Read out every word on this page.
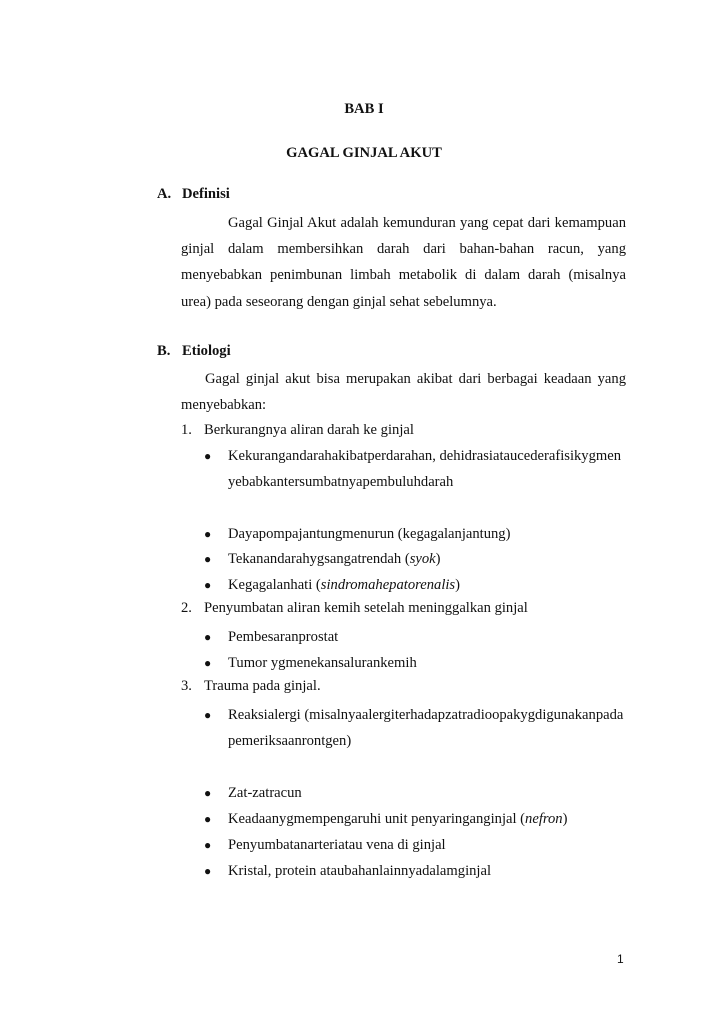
BAB I

GAGAL GINJAL AKUT

A. Definisi

Gagal Ginjal Akut adalah kemunduran yang cepat dari kemampuan ginjal dalam membersihkan darah dari bahan-bahan racun, yang menyebabkan penimbunan limbah metabolik di dalam darah (misalnya urea) pada seseorang dengan ginjal sehat sebelumnya.

B. Etiologi

Gagal ginjal akut bisa merupakan akibat dari berbagai keadaan yang menyebabkan:

1. Berkurangnya aliran darah ke ginjal

● Kekurangandarahakibatperdarahan, dehidrasiataucederafisikygmenyebabkantersumbatnyapembuluhdarah
● Dayapompajantungmenurun (kegagalanjantung)
● Tekanandarahygsangatrendah (syok)
● Kegagalanhati (sindromahepatorenalis)

2. Penyumbatan aliran kemih setelah meninggalkan ginjal

● Pembesaranprostat
● Tumor ygmenekansalurankemih

3. Trauma pada ginjal.

● Reaksialergi (misalnyaalergiterhadapzatradioopakygdigunakanpadapemeriksaanrontgen)
● Zat-zatracun
● Keadaanygmempengaruhi unit penyaringanginjal (nefron)
● Penyumbatanarteriatau vena di ginjal
● Kristal, protein ataubahanlainnyadalamginjal
1
